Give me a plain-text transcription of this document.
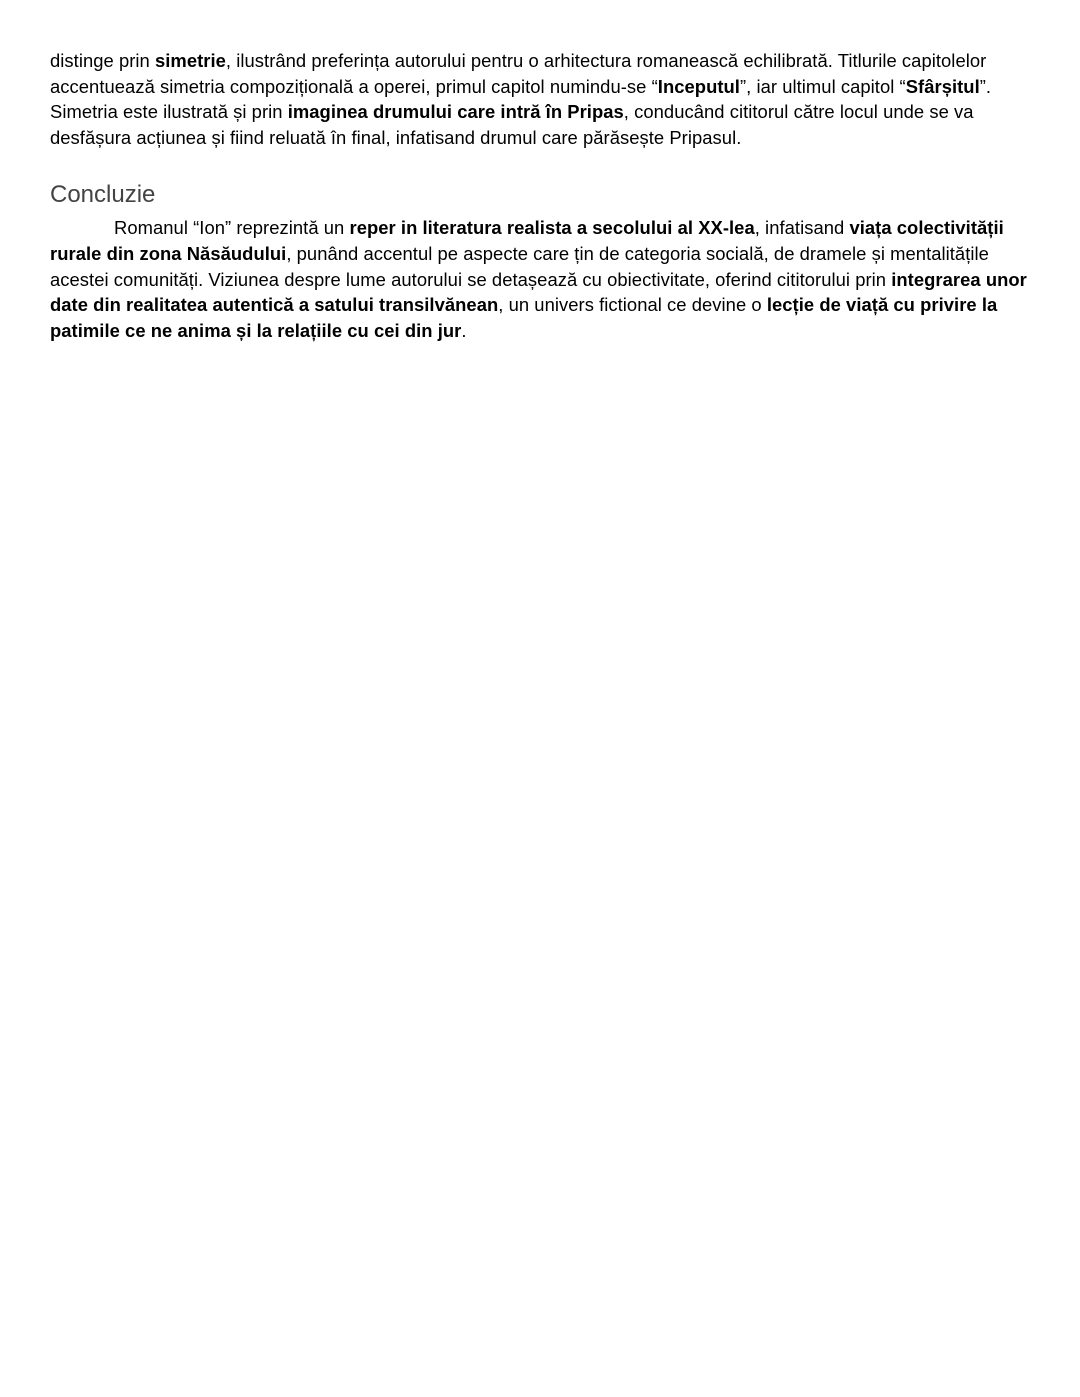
distinge prin simetrie, ilustrând preferința autorului pentru o arhitectura romanească echilibrată. Titlurile capitolelor accentuează simetria compozițională a operei, primul capitol numindu-se “Inceputul”, iar ultimul capitol “Sfârșitul”. Simetria este ilustrată și prin imaginea drumului care intră în Pripas, conducând cititorul către locul unde se va desfășura acțiunea și fiind reluată în final, infatisand drumul care părăsește Pripasul.

Concluzie

Romanul “Ion” reprezintă un reper in literatura realista a secolului al XX-lea, infatisand viața colectivității rurale din zona Năsăudului, punând accentul pe aspecte care țin de categoria socială, de dramele și mentalitățile acestei comunități. Viziunea despre lume autorului se detașează cu obiectivitate, oferind cititorului prin integrarea unor date din realitatea autentică a satului transilvănean, un univers fictional ce devine o lecție de viață cu privire la patimile ce ne anima și la relațiile cu cei din jur.
